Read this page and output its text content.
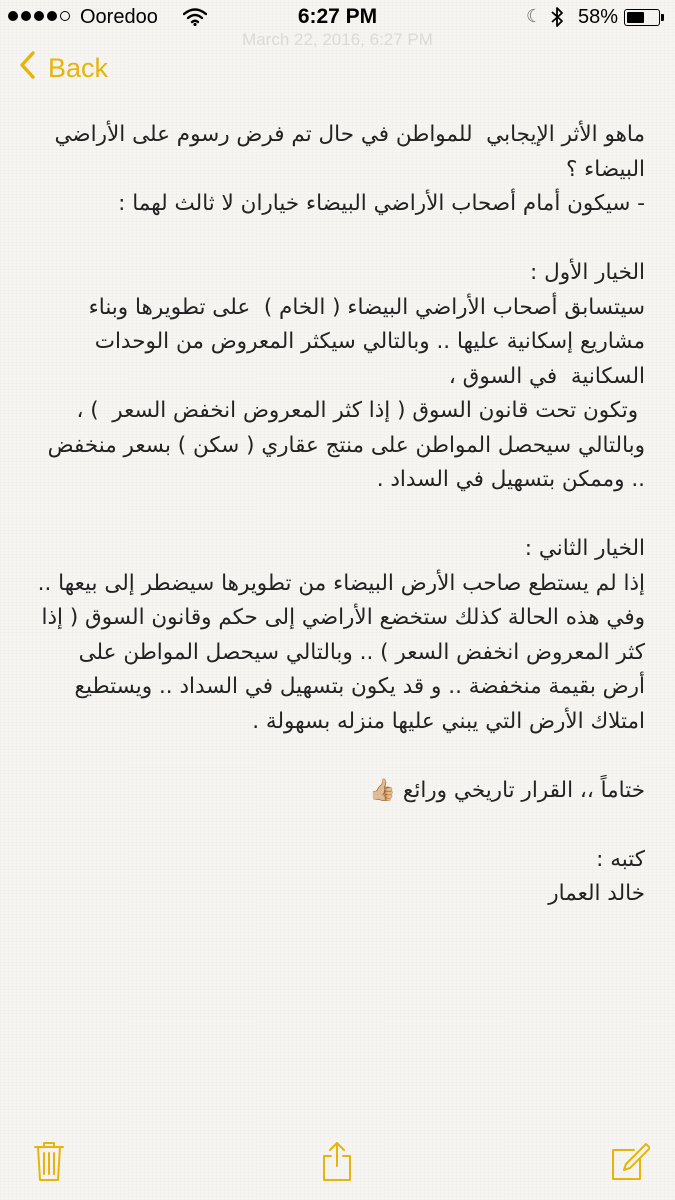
Ooredoo	6:27 PM	☾ 58%
March 22, 2016, 6:27 PM
Back
ماهو الأثر الإيجابي  للمواطن في حال تم فرض رسوم على الأراضي البيضاء ؟
- سيكون أمام أصحاب الأراضي البيضاء خياران لا ثالث لهما :

الخيار الأول :
سيتسابق أصحاب الأراضي البيضاء ( الخام )  على تطويرها وبناء مشاريع إسكانية عليها .. وبالتالي سيكثر المعروض من الوحدات السكانية  في السوق ،
وتكون تحت قانون السوق ( إذا كثر المعروض انخفض السعر  ) ، وبالتالي سيحصل المواطن على منتج عقاري ( سكن ) بسعر منخفض .. وممكن بتسهيل في السداد .

الخيار الثاني :
إذا لم يستطع صاحب الأرض البيضاء من تطويرها سيضطر إلى بيعها .. وفي هذه الحالة كذلك ستخضع الأراضي إلى حكم وقانون السوق ( إذا كثر المعروض انخفض السعر ) .. وبالتالي سيحصل المواطن على أرض بقيمة منخفضة .. و قد يكون بتسهيل في السداد .. ويستطيع امتلاك الأرض التي يبني عليها منزله بسهولة .

ختاماً ،، القرار تاريخي ورائع 👍🏼

كتبه :
خالد العمار
